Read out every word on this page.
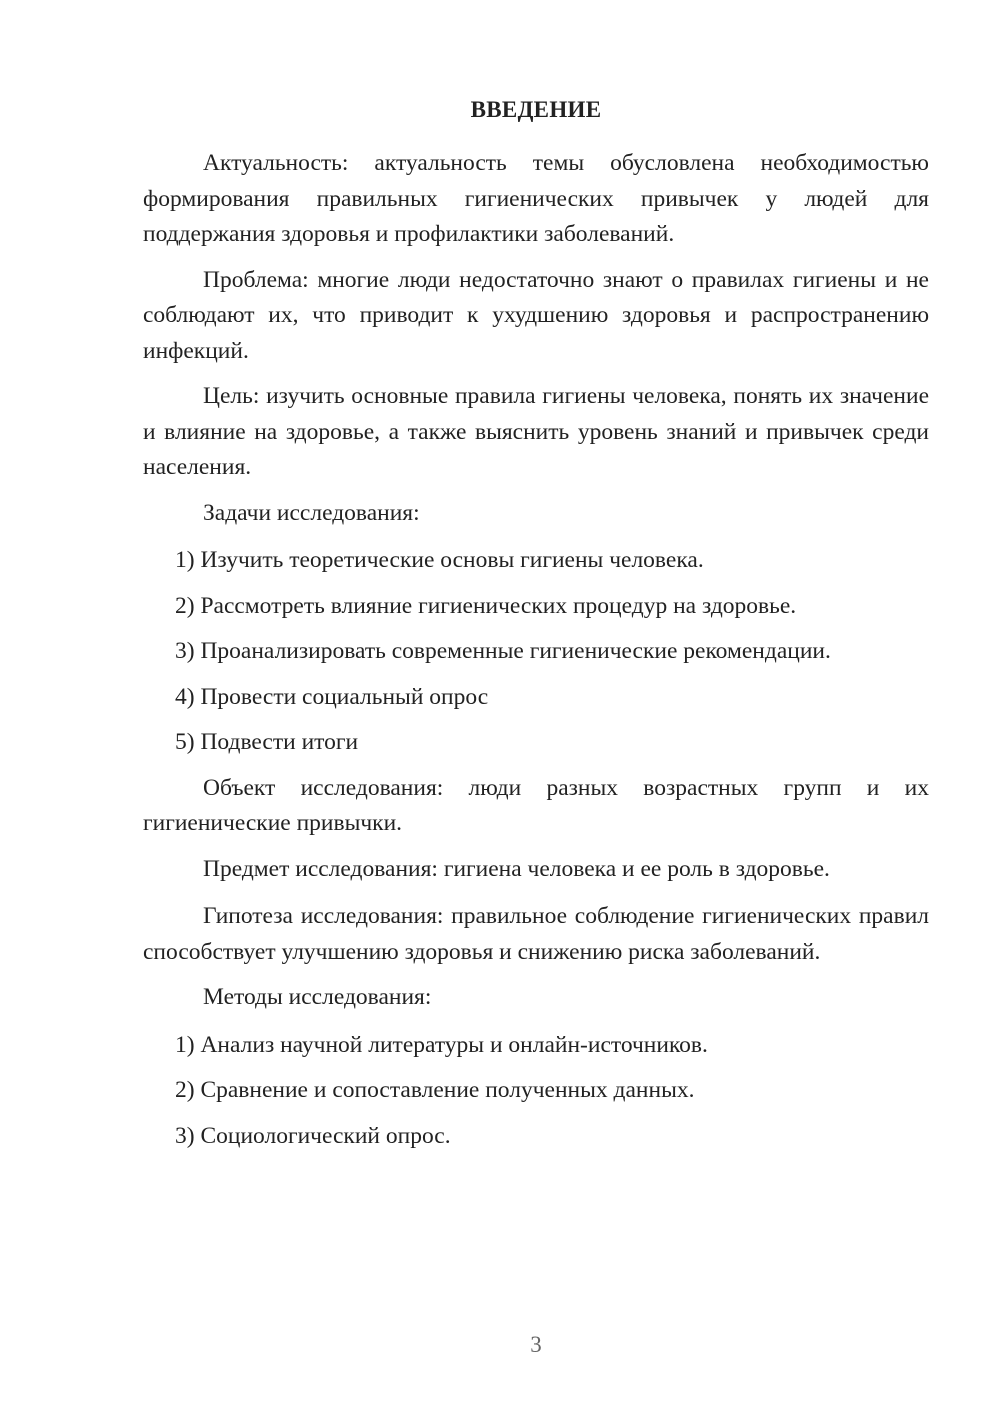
ВВЕДЕНИЕ

Актуальность: актуальность темы обусловлена необходимостью формирования правильных гигиенических привычек у людей для поддержания здоровья и профилактики заболеваний.

Проблема: многие люди недостаточно знают о правилах гигиены и не соблюдают их, что приводит к ухудшению здоровья и распространению инфекций.

Цель: изучить основные правила гигиены человека, понять их значение и влияние на здоровье, а также выяснить уровень знаний и привычек среди населения.

Задачи исследования:

1) Изучить теоретические основы гигиены человека.

2) Рассмотреть влияние гигиенических процедур на здоровье.

3) Проанализировать современные гигиенические рекомендации.

4) Провести социальный опрос

5) Подвести итоги

Объект исследования: люди разных возрастных групп и их гигиенические привычки.

Предмет исследования: гигиена человека и ее роль в здоровье.

Гипотеза исследования: правильное соблюдение гигиенических правил способствует улучшению здоровья и снижению риска заболеваний.

Методы исследования:

1) Анализ научной литературы и онлайн-источников.

2) Сравнение и сопоставление полученных данных.

3) Социологический опрос.

3
